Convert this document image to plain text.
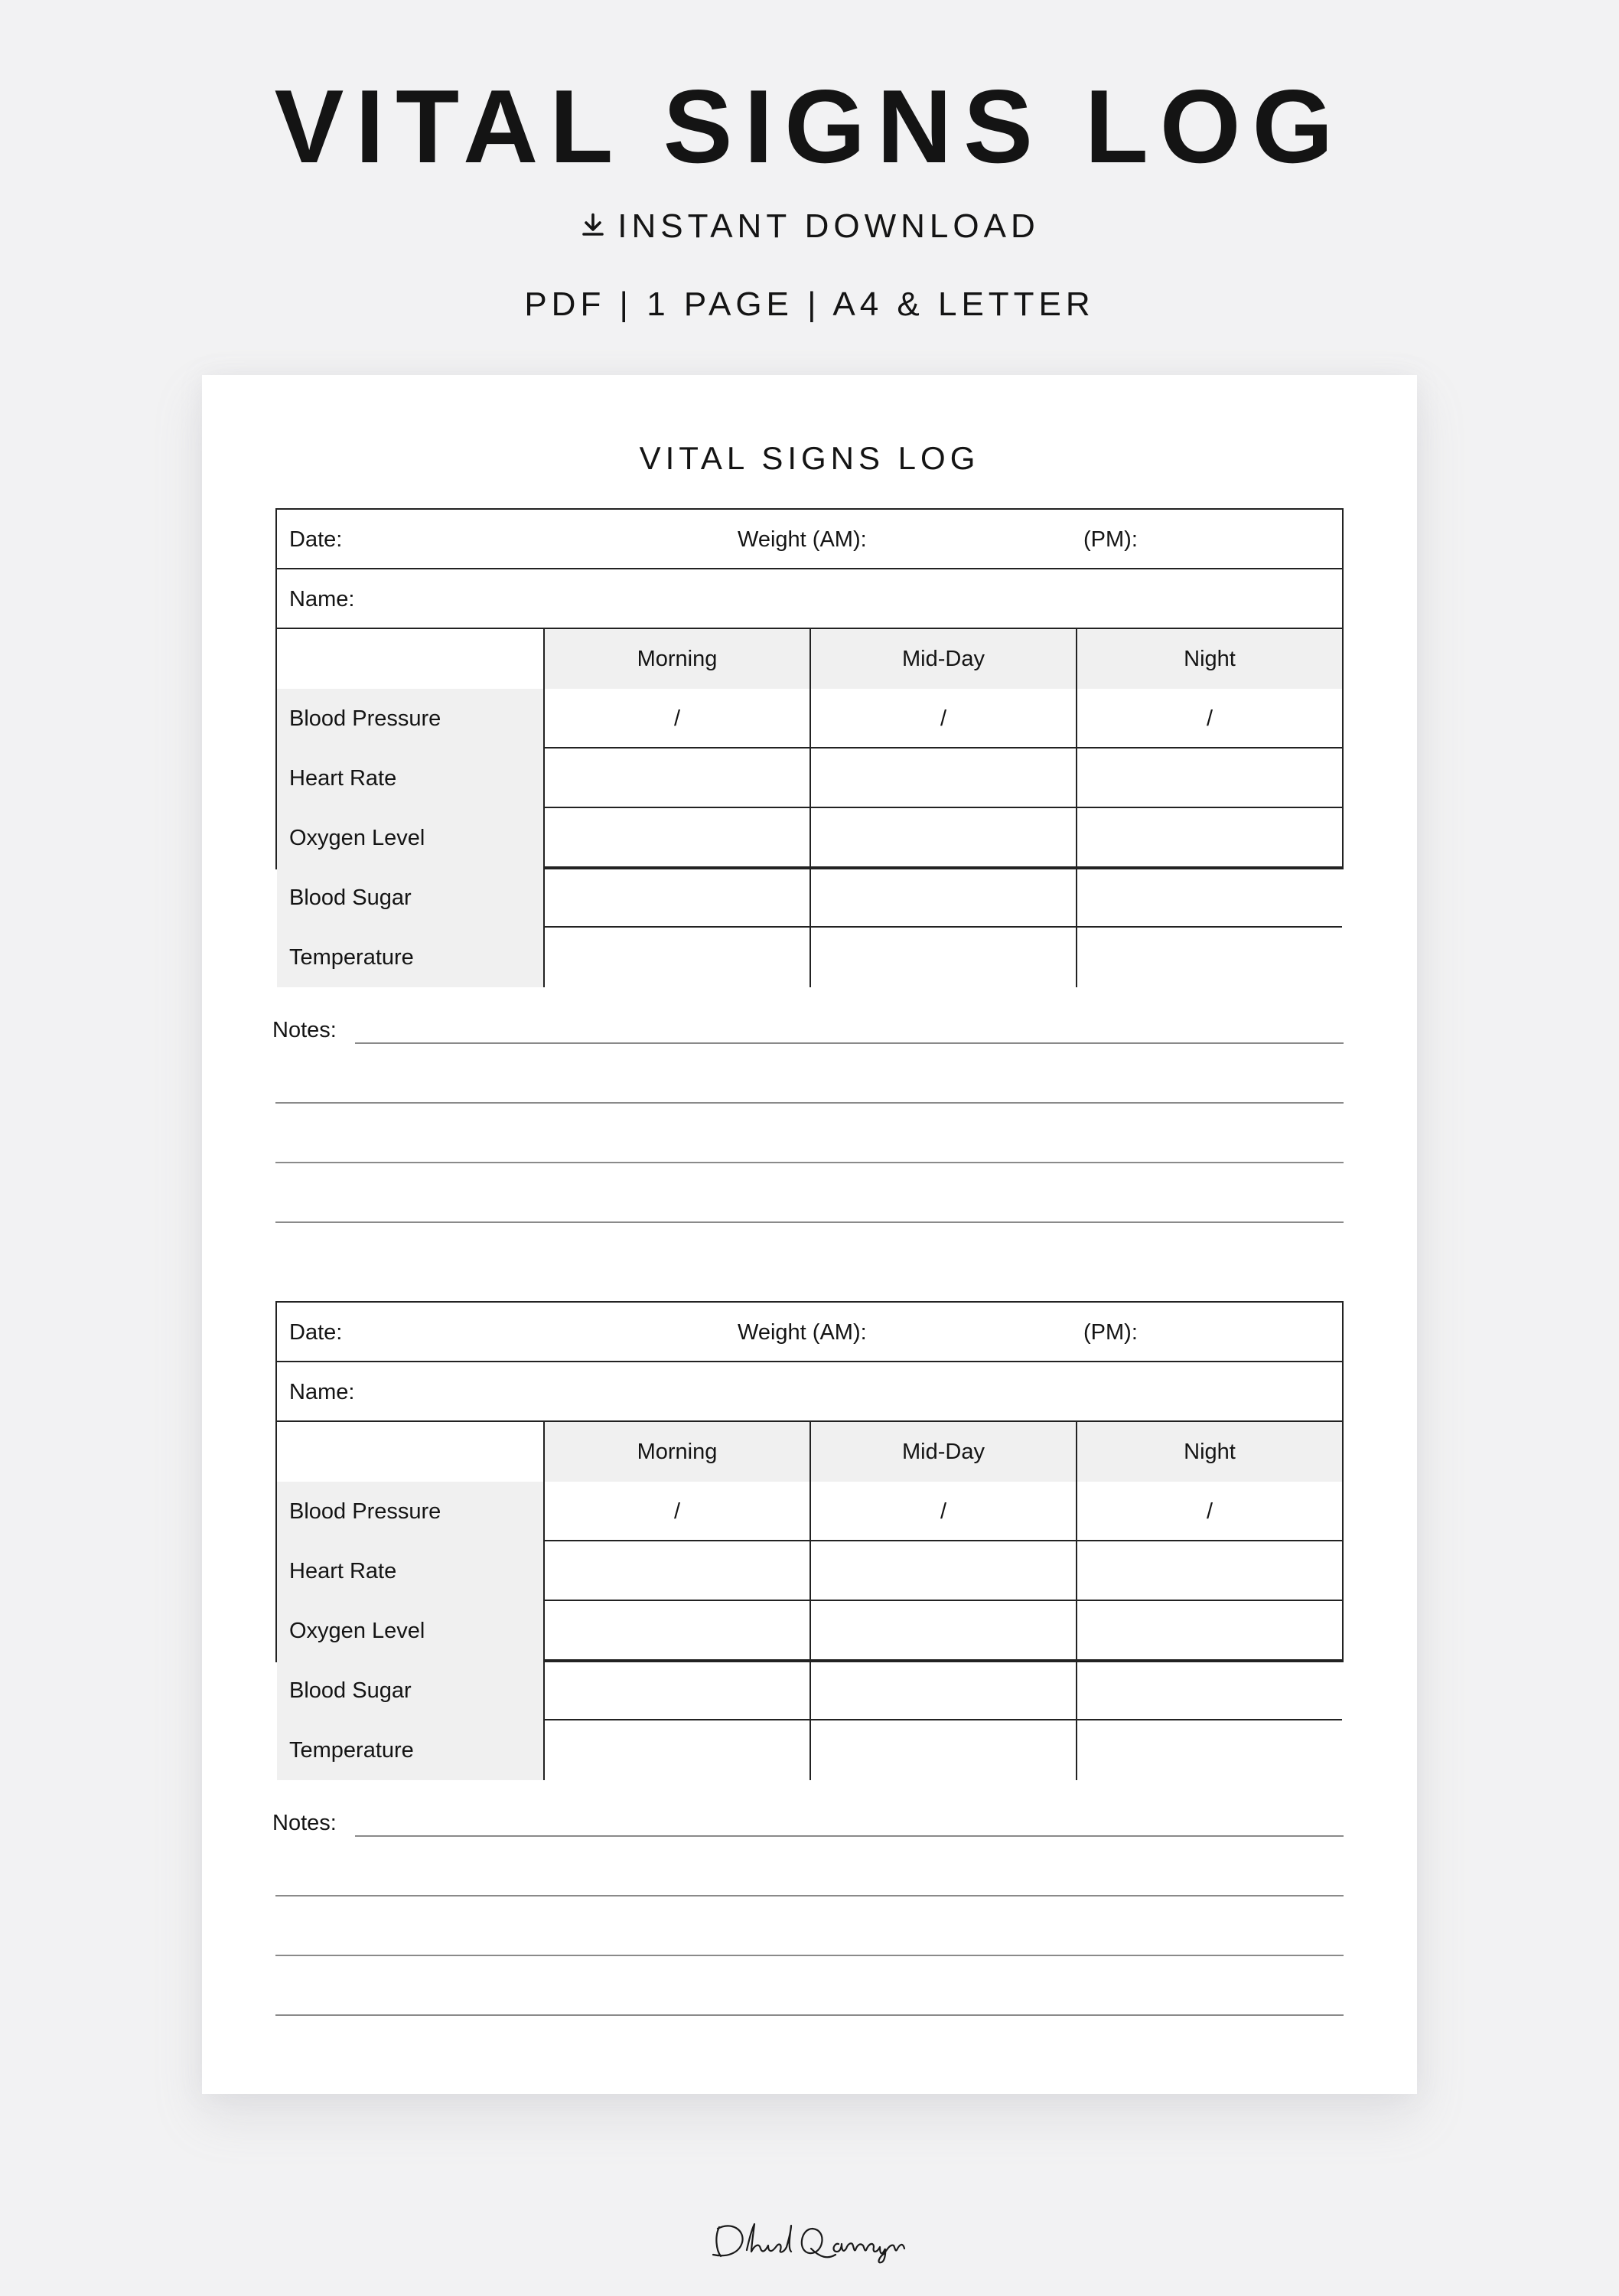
VITAL SIGNS LOG
INSTANT DOWNLOAD
PDF | 1 PAGE | A4 & LETTER
VITAL SIGNS LOG
Date:	Weight (AM):	(PM):
Name:
Morning	Mid-Day	Night
Blood Pressure	/	/	/
Heart Rate
Oxygen Level
Blood Sugar
Temperature
Notes:
Date:	Weight (AM):	(PM):
Name:
Morning	Mid-Day	Night
Blood Pressure	/	/	/
Heart Rate
Oxygen Level
Blood Sugar
Temperature
Notes:
